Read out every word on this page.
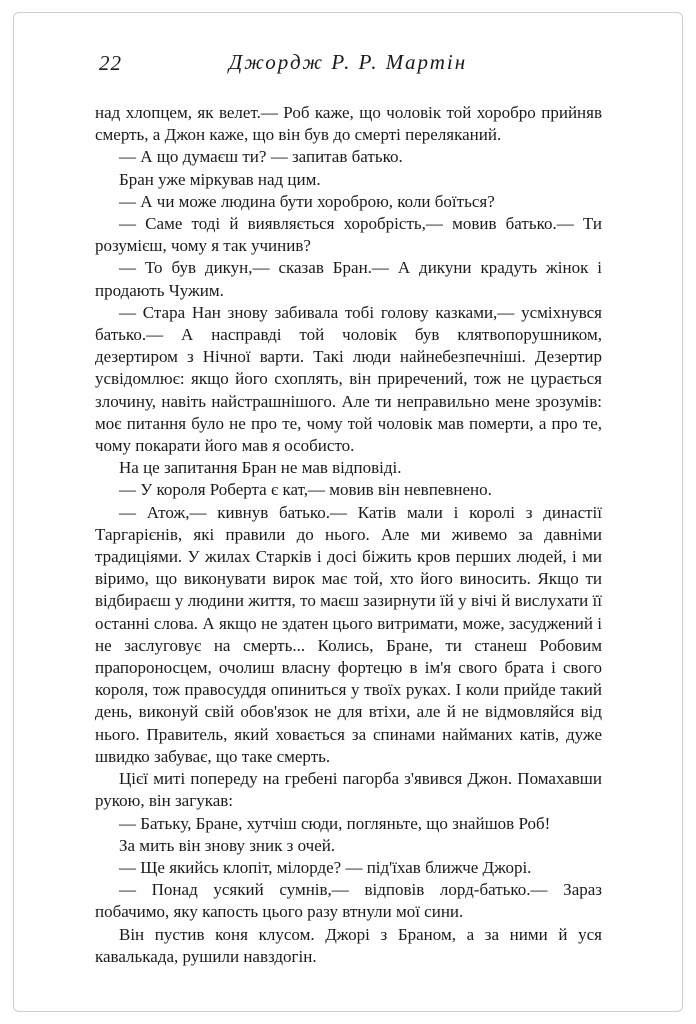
22	Джордж Р. Р. Мартін

над хлопцем, як велет.— Роб каже, що чоловік той хоробро прийняв смерть, а Джон каже, що він був до смерті переляканий.

— А що думаєш ти? — запитав батько.

Бран уже міркував над цим.

— А чи може людина бути хороброю, коли боїться?

— Саме тоді й виявляється хоробрість,— мовив батько.— Ти розумієш, чому я так учинив?

— То був дикун,— сказав Бран.— А дикуни крадуть жінок і продають Чужим.

— Стара Нан знову забивала тобі голову казками,— усміхнувся батько.— А насправді той чоловік був клятвопорушником, дезертиром з Нічної варти. Такі люди найнебезпечніші. Дезертир усвідомлює: якщо його схоплять, він приречений, тож не цурається злочину, навіть найстрашнішого. Але ти неправильно мене зрозумів: моє питання було не про те, чому той чоловік мав померти, а про те, чому покарати його мав я особисто.

На це запитання Бран не мав відповіді.

— У короля Роберта є кат,— мовив він невпевнено.

— Атож,— кивнув батько.— Катів мали і королі з династії Таргарієнів, які правили до нього. Але ми живемо за давніми традиціями. У жилах Старків і досі біжить кров перших людей, і ми віримо, що виконувати вирок має той, хто його виносить. Якщо ти відбираєш у людини життя, то маєш зазирнути їй у вічі й вислухати її останні слова. А якщо не здатен цього витримати, може, засуджений і не заслуговує на смерть... Колись, Бране, ти станеш Робовим прапороносцем, очолиш власну фортецю в ім'я свого брата і свого короля, тож правосуддя опиниться у твоїх руках. І коли прийде такий день, виконуй свій обов'язок не для втіхи, але й не відмовляйся від нього. Правитель, який ховається за спинами найманих катів, дуже швидко забуває, що таке смерть.

Цієї миті попереду на гребені пагорба з'явився Джон. Помахавши рукою, він загукав:

— Батьку, Бране, хутчіш сюди, погляньте, що знайшов Роб!

За мить він знову зник з очей.

— Ще якийсь клопіт, мілорде? — під'їхав ближче Джорі.

— Понад усякий сумнів,— відповів лорд-батько.— Зараз побачимо, яку капость цього разу втнули мої сини.

Він пустив коня клусом. Джорі з Браном, а за ними й уся кавалькада, рушили навздогін.
